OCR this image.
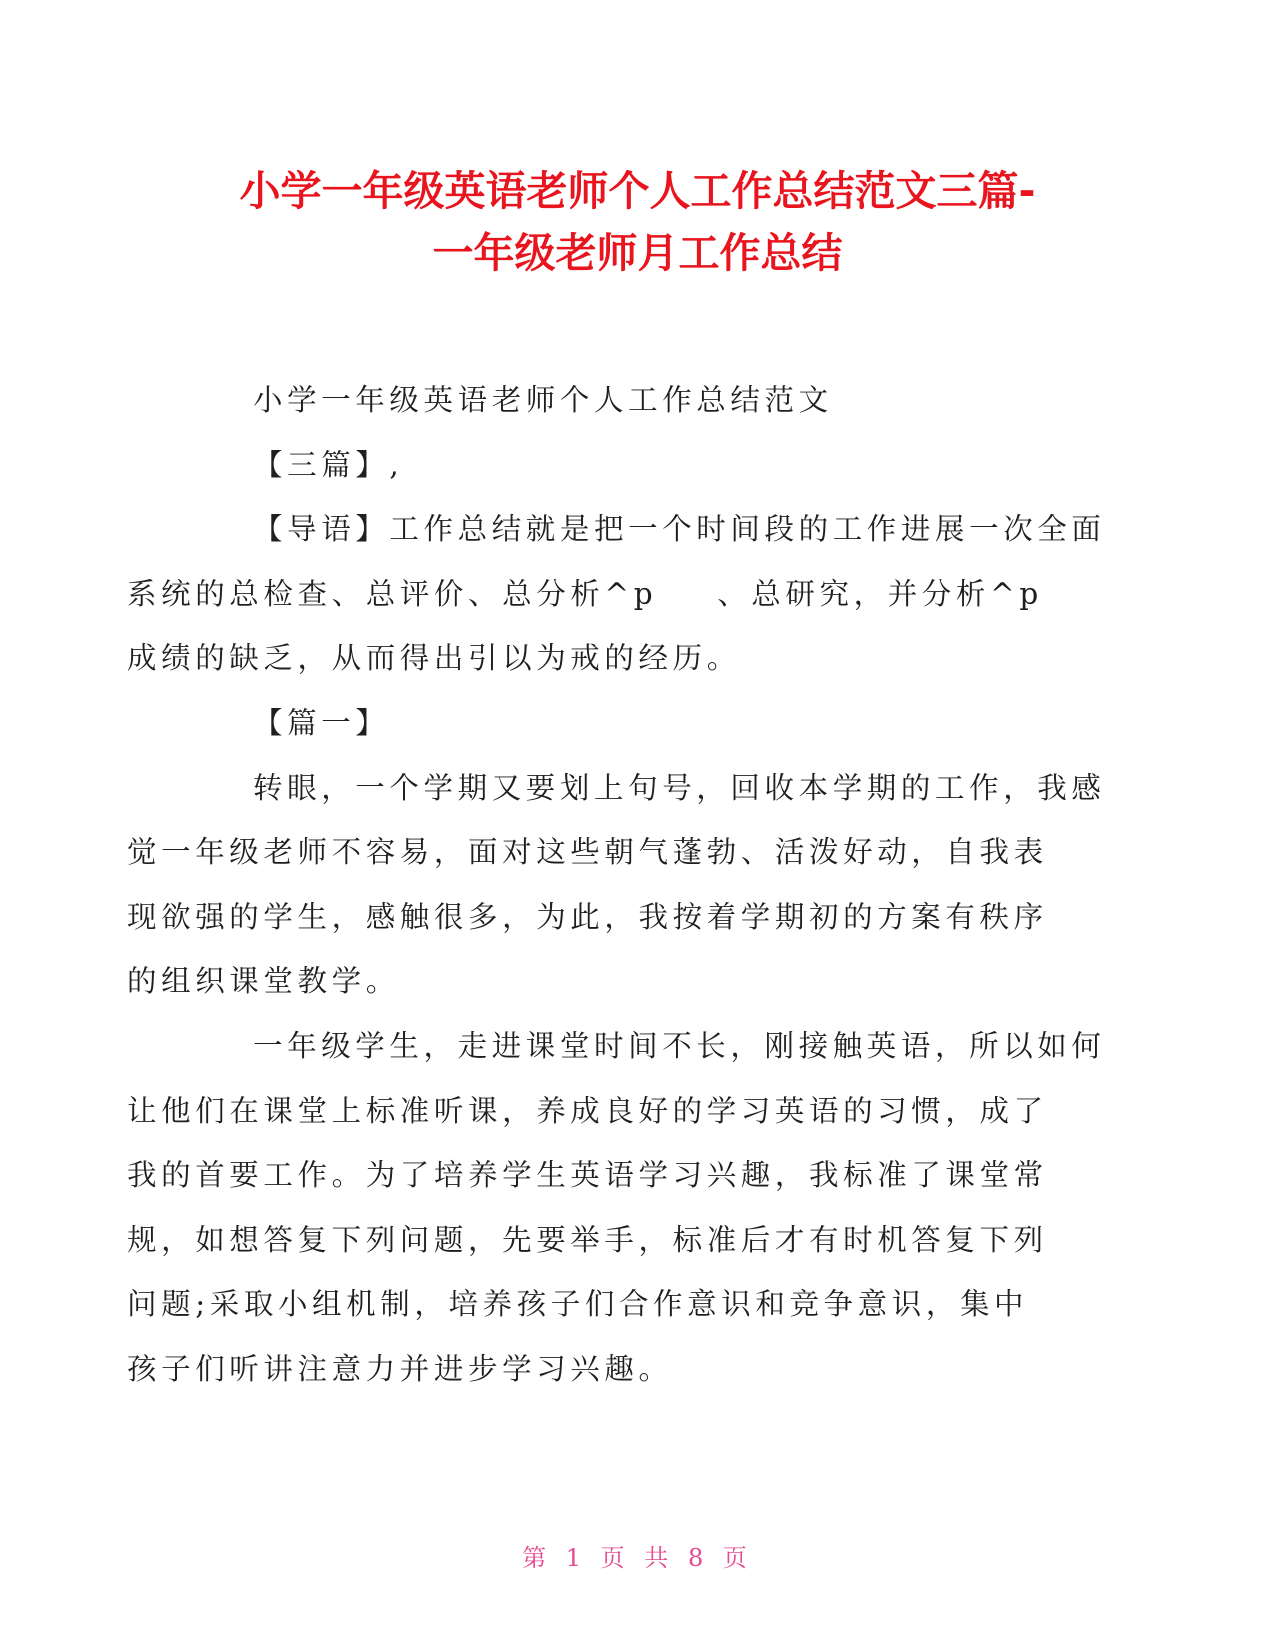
小学一年级英语老师个人工作总结范文三篇-
一年级老师月工作总结

小学一年级英语老师个人工作总结范文

【三篇】,

【导语】工作总结就是把一个时间段的工作进展一次全面
系统的总检查、总评价、总分析^p 、总研究，并分析^p
成绩的缺乏，从而得出引以为戒的经历。

【篇一】

转眼，一个学期又要划上句号，回收本学期的工作，我感
觉一年级老师不容易，面对这些朝气蓬勃、活泼好动，自我表
现欲强的学生，感触很多，为此，我按着学期初的方案有秩序
的组织课堂教学。

一年级学生，走进课堂时间不长，刚接触英语，所以如何
让他们在课堂上标准听课，养成良好的学习英语的习惯，成了
我的首要工作。为了培养学生英语学习兴趣，我标准了课堂常
规，如想答复下列问题，先要举手，标准后才有时机答复下列
问题;采取小组机制，培养孩子们合作意识和竞争意识，集中
孩子们听讲注意力并进步学习兴趣。

第 1 页 共 8 页
